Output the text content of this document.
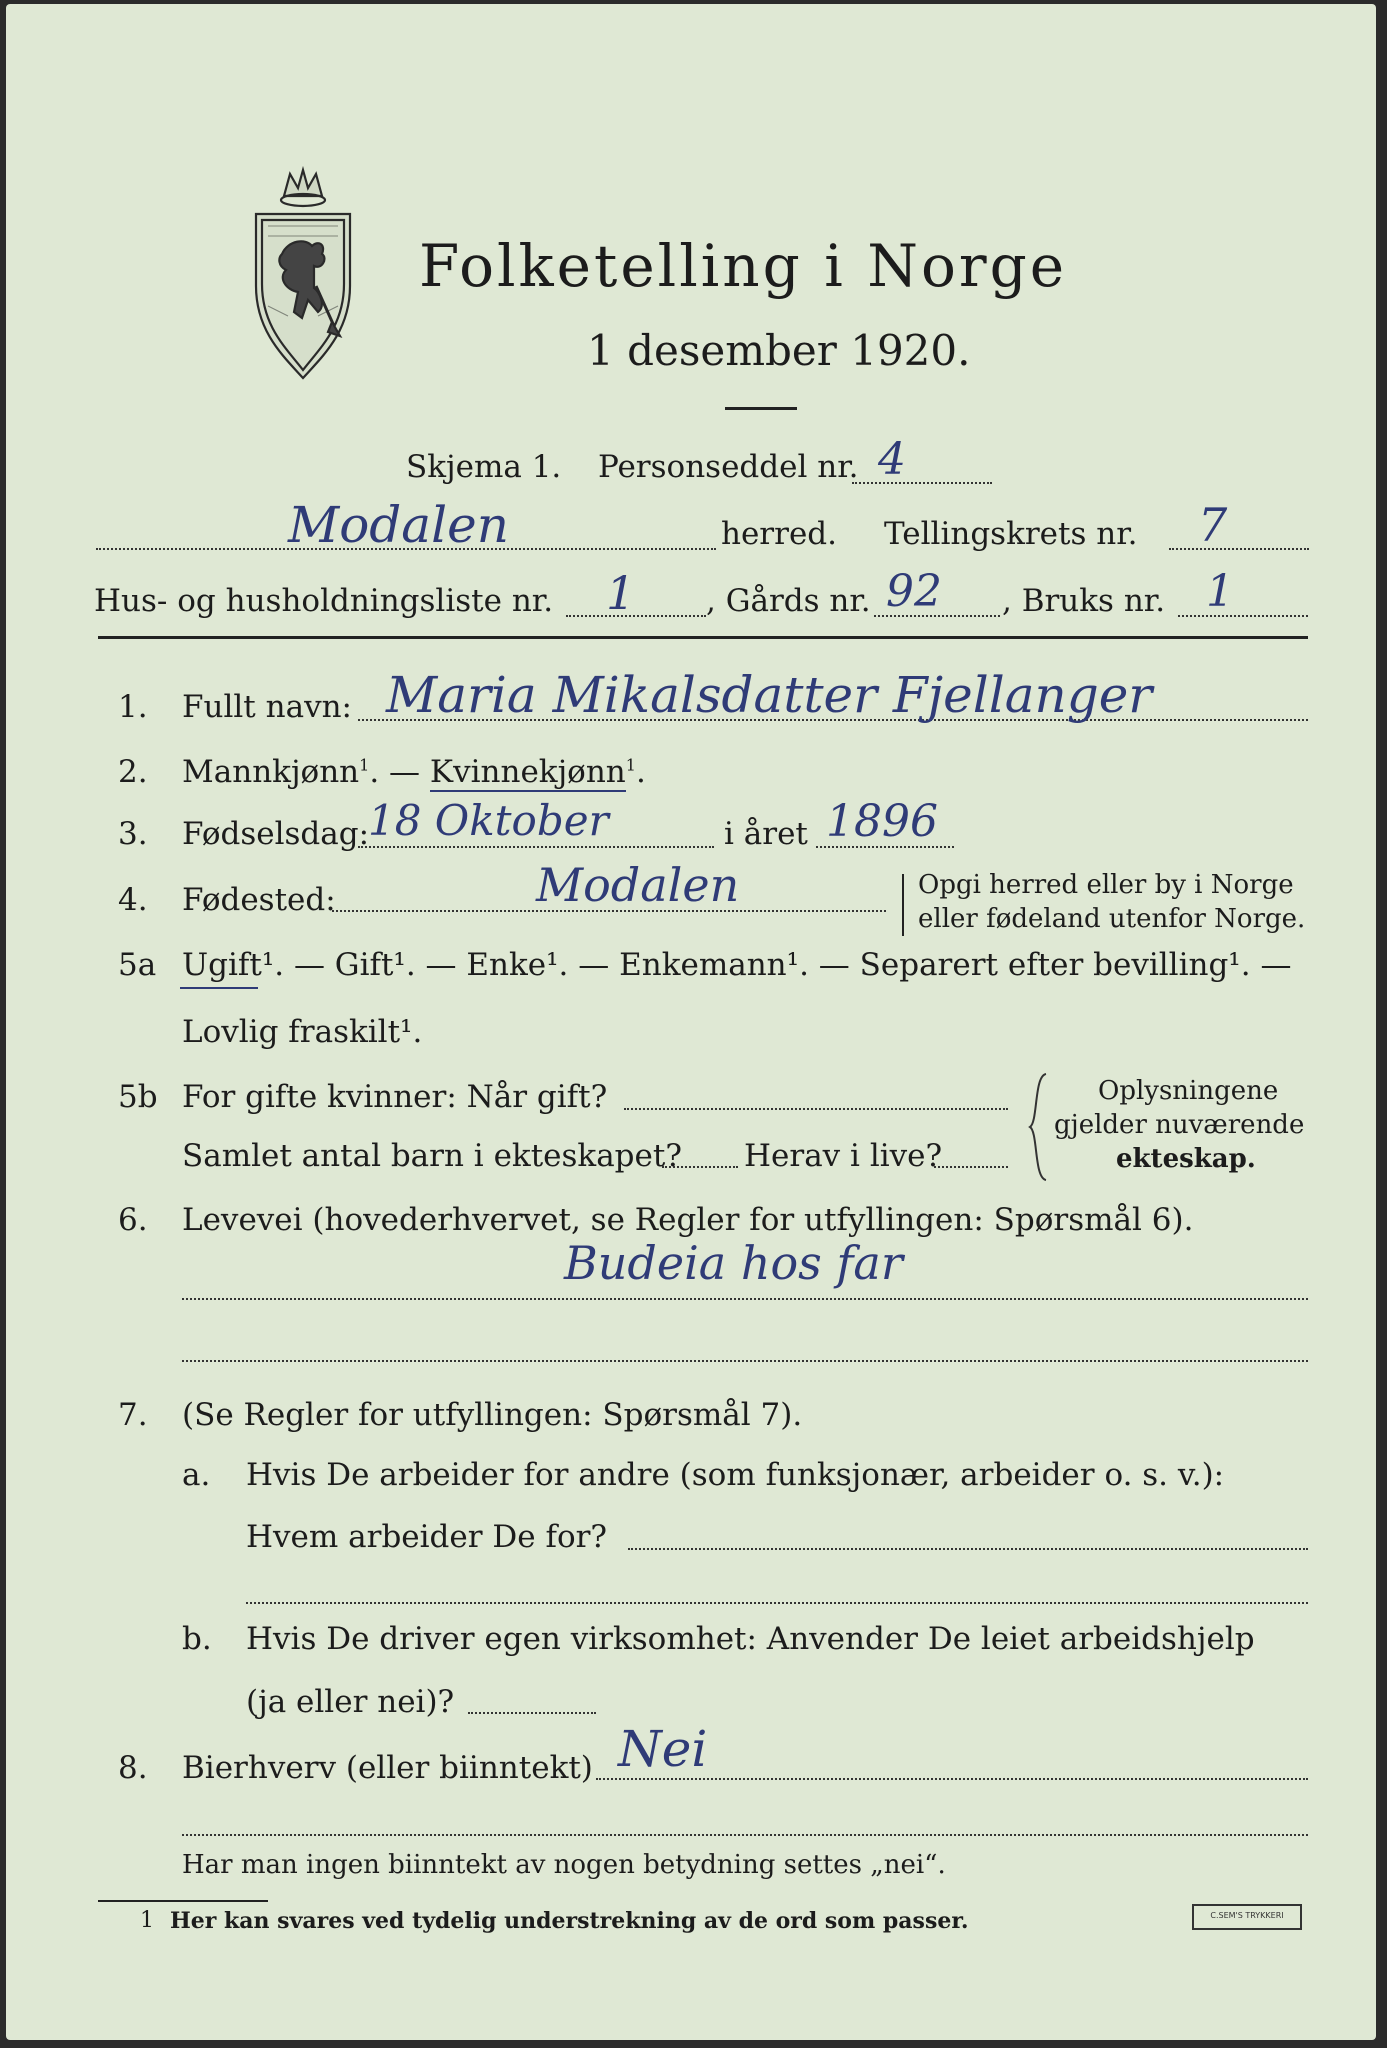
Folketelling i Norge
1 desember 1920.
Skjema 1. Personseddel nr. 4
Modalen	herred. Tellingskrets nr. 7
Hus- og husholdningsliste nr. 1 , Gårds nr. 92 , Bruks nr. 1
1. Fullt navn: Maria Mikalsdatter Fjellanger
2. Mannkjønn$^1$. — Kvinnekjønn$^1$.
3. Fødselsdag:
18 Oktober	i året 1896
4. Fødested:	Modalen	Opgi herred eller by i Norge
eller fødeland utenfor Norge.
5a Ugift¹. — Gift¹. — Enke¹. — Enkemann¹. — Separert efter bevilling¹. —
Lovlig fraskilt¹.
5b For gifte kvinner: Når gift?
Samlet antal barn i ekteskapet? Herav i live?
Oplysningene
gjelder nuværende
ekteskap.
6. Levevei (hovederhvervet, se Regler for utfyllingen: Spørsmål 6).
Budeia hos far
7. (Se Regler for utfyllingen: Spørsmål 7).
a. Hvis De arbeider for andre (som funksjonær, arbeider o. s. v.):
Hvem arbeider De for?
b. Hvis De driver egen virksomhet: Anvender De leiet arbeidshjelp
(ja eller nei)?
8. Bierhverv (eller biinntekt) Nei
Har man ingen biinntekt av nogen betydning settes „nei“.
1 Her kan svares ved tydelig understrekning av de ord som passer.	C.SEM'S TRYKKERI
